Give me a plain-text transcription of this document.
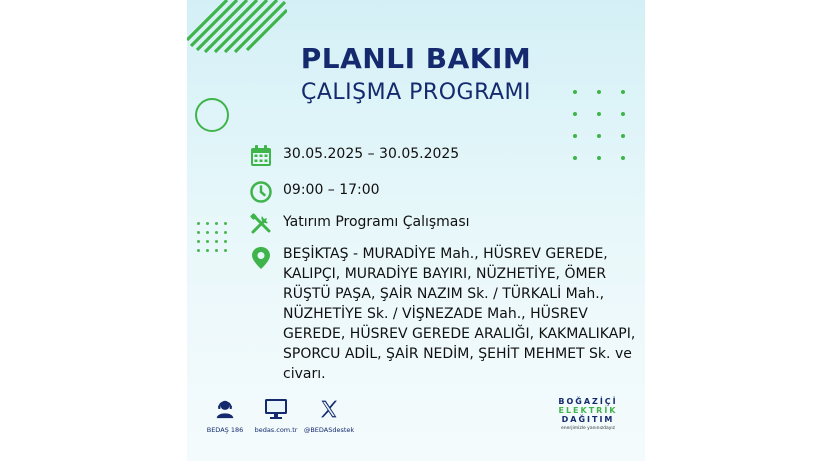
PLANLI BAKIM
ÇALIŞMA PROGRAMI
30.05.2025 – 30.05.2025
09:00 – 17:00
Yatırım Programı Çalışması
BEŞİKTAŞ - MURADİYE Mah., HÜSREV GEREDE, KALIPÇI, MURADİYE BAYIRI, NÜZHETİYE, ÖMER RÜŞTÜ PAŞA, ŞAİR NAZIM Sk. / TÜRKALİ Mah., NÜZHETİYE Sk. / VİŞNEZADE Mah., HÜSREV GEREDE, HÜSREV GEREDE ARALIĞI, KAKMALIKAPI, SPORCU ADİL, ŞAİR NEDİM, ŞEHİT MEHMET Sk. ve civarı.
BEDAŞ 186	bedas.com.tr @BEDASdestek
BOĞAZİÇİ
ELEKTRİK
DAĞITIM
enerjimizle yanınızdayız
